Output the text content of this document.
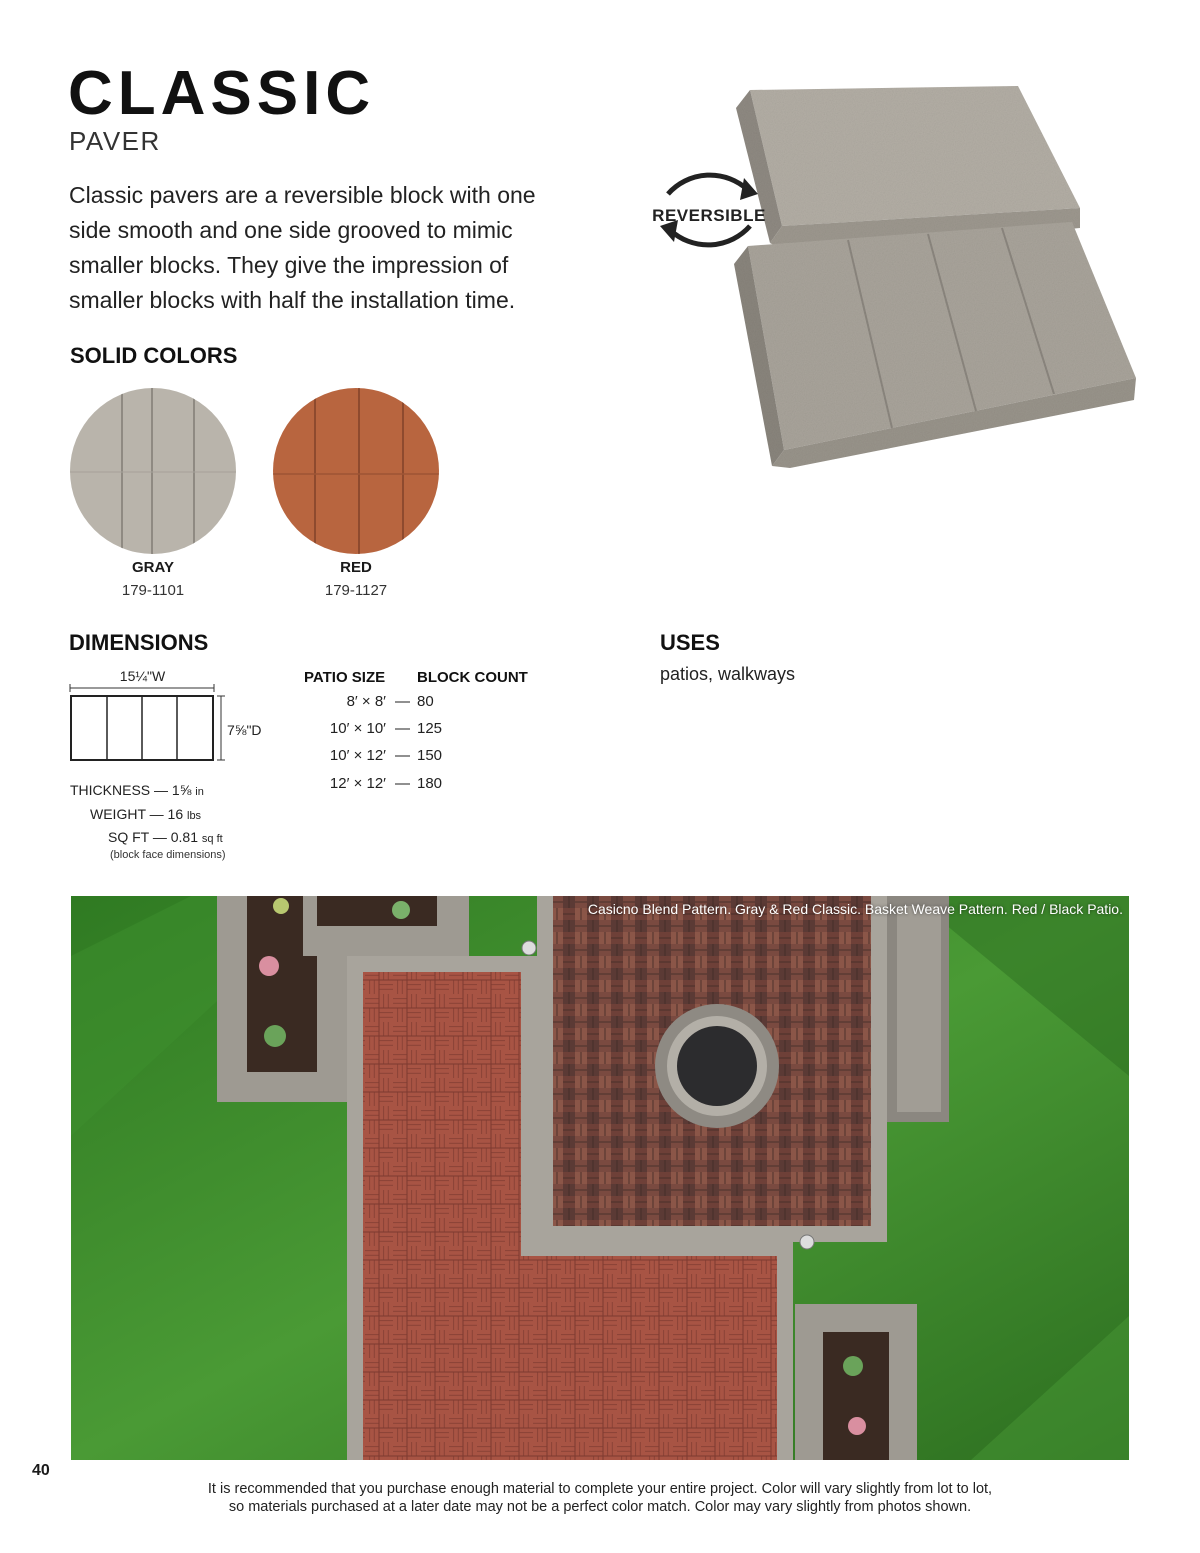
CLASSIC
PAVER
Classic pavers are a reversible block with one side smooth and one side grooved to mimic smaller blocks. They give the impression of smaller blocks with half the installation time.
REVERSIBLE
SOLID COLORS
GRAY
179-1101
RED
179-1127
DIMENSIONS
15¼"W
7⅝"D
PATIO SIZE BLOCK COUNT
8′ × 8′ — 80
10′ × 10′ — 125
10′ × 12′ — 150
12′ × 12′ — 180
THICKNESS — 1⅝ in
WEIGHT — 16 lbs
SQ FT — 0.81 sq ft
(block face dimensions)
USES
patios, walkways
Casicno Blend Pattern. Gray & Red Classic. Basket Weave Pattern. Red / Black Patio.
40
It is recommended that you purchase enough material to complete your entire project. Color will vary slightly from lot to lot,
so materials purchased at a later date may not be a perfect color match. Color may vary slightly from photos shown.
